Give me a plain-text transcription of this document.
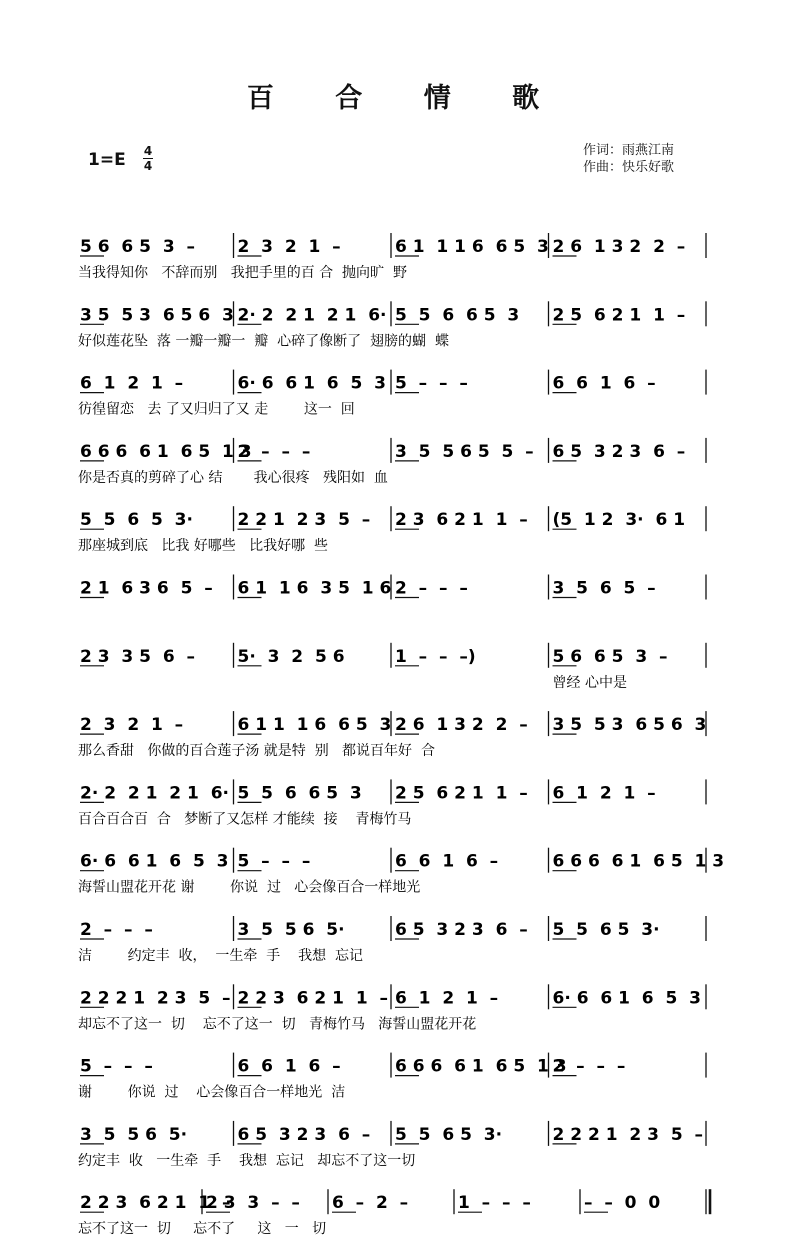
百 合 情 歌
1=E 4
4
作词：雨燕江南
作曲：快乐好歌
5 6  6 5  3  –	2  3  2  1  –	6 1  1 1 6  6 5  3 2 6  1 3 2  2  –
当我得知你   不辞而别   我把手里的百 合  抛向旷  野
3 5  5 3  6 5 6  3 2· 2  2 1  2 1  6· 5  5  6  6 5  3 2 5  6 2 1  1  –
好似莲花坠  落 一瓣一瓣一  瓣  心碎了像断了  翅膀的蝴  蝶
6  1  2  1  –	6· 6  6 1  6  5  3 5  –  –  –	6  6  1  6  –
彷徨留恋   去 了又归归了又 走        这一  回
6 6 6  6 1  6 5  1 3
2  –  –  –	3  5  5 6 5  5  – 6 5  3 2 3  6  –
你是否真的剪碎了心 结       我心很疼   残阳如  血
5  5  6  5  3·	2 2 1  2 3  5  – 2 3  6 2 1  1  – (5  1 2  3·  6 1
那座城到底   比我 好哪些   比我好哪  些
2 1  6 3 6  5  – 6 1  1 6  3 5  1 6 2  –  –  –	3  5  6  5  –
2 3  3 5  6  –	5·  3  2  5 6	1  –  –  –)	5 6  6 5  3  –
曾经 心中是
2  3  2  1  –	6 1 1  1 6  6 5  3 2 6  1 3 2  2  – 3 5  5 3  6 5 6  3
那么香甜   你做的百合莲子汤 就是特  别   都说百年好  合
2· 2  2 1  2 1  6· 5  5  6  6 5  3 2 5  6 2 1  1  – 6  1  2  1  –
百合百合百  合   梦断了又怎样 才能续  接    青梅竹马
6· 6  6 1  6  5  3 5  –  –  –	6  6  1  6  –	6 6 6  6 1  6 5  1 3
海誓山盟花开花 谢        你说  过   心会像百合一样地光
2  –  –  –	3  5  5 6  5·	6 5  3 2 3  6  – 5  5  6 5  3·
洁        约定丰  收，  一生牵  手    我想  忘记
2 2 2 1  2 3  5  – 2 2 3  6 2 1  1  – 6  1  2  1  –	6· 6  6 1  6  5  3
却忘不了这一  切    忘不了这一  切   青梅竹马   海誓山盟花开花
5  –  –  –	6  6  1  6  –	6 6 6  6 1  6 5  1 3
2  –  –  –
谢        你说  过    心会像百合一样地光  洁
3  5  5 6  5·	6 5  3 2 3  6  – 5  5  6 5  3·	2 2 2 1  2 3  5  –
约定丰  收   一生牵  手    我想  忘记   却忘不了这一切
2 2 3  6 2 1  1  –
2 3  3  –  – 6  –  2  –	1  –  –  –	–  –  0  0
忘不了这一  切     忘不了     这   一   切
